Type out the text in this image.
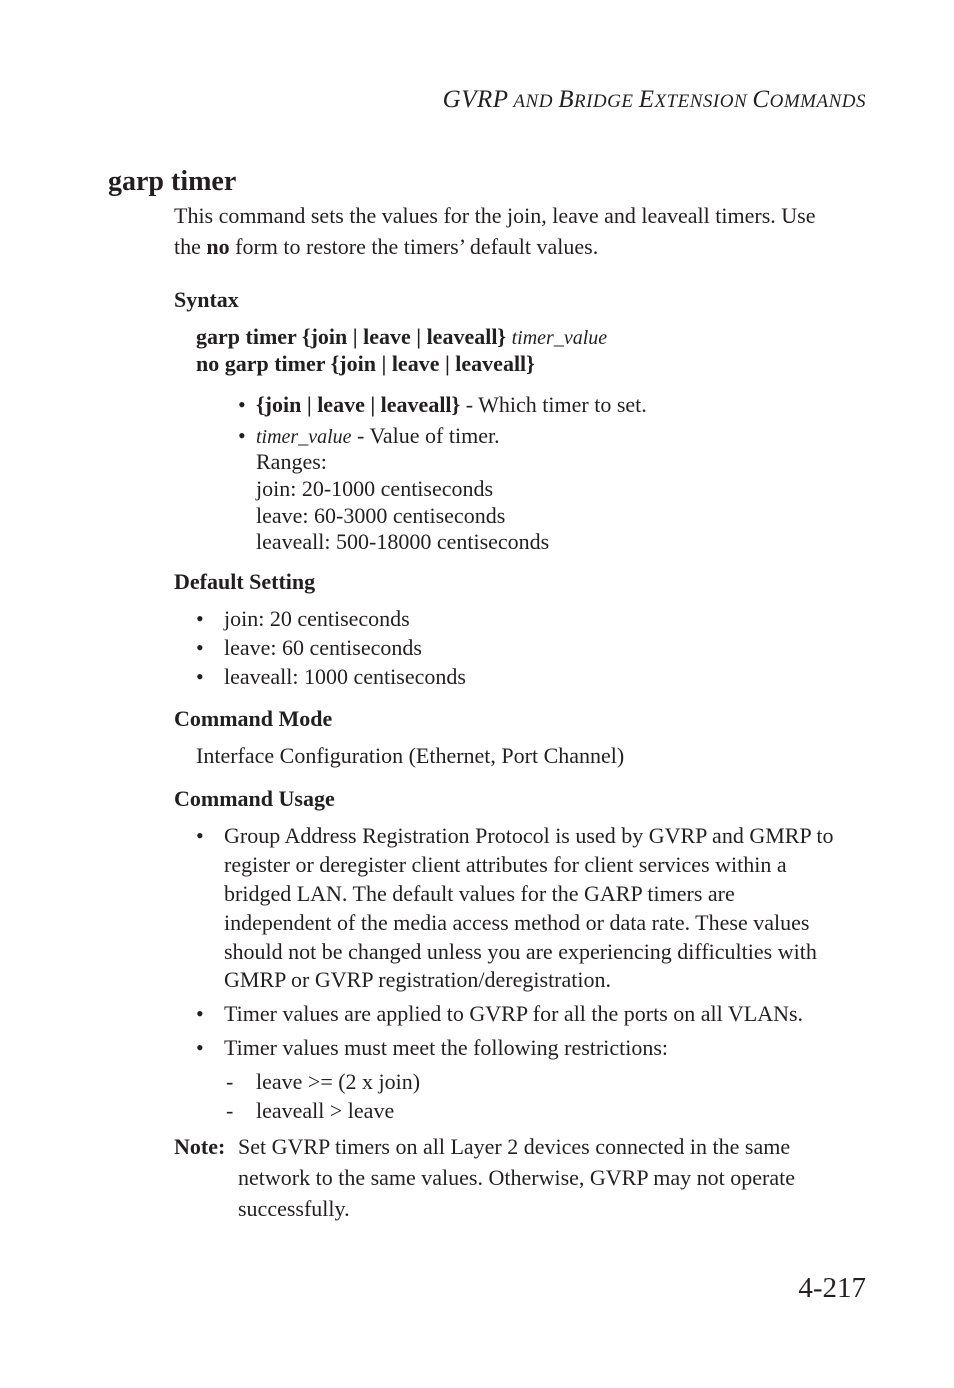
GVRP AND BRIDGE EXTENSION COMMANDS
garp timer
This command sets the values for the join, leave and leaveall timers. Use
the no form to restore the timers’ default values.
Syntax
garp timer {join | leave | leaveall} timer_value
no garp timer {join | leave | leaveall}
• {join | leave | leaveall} - Which timer to set.
• timer_value - Value of timer.
Ranges:
join: 20-1000 centiseconds
leave: 60-3000 centiseconds
leaveall: 500-18000 centiseconds
Default Setting
• join: 20 centiseconds
• leave: 60 centiseconds
• leaveall: 1000 centiseconds
Command Mode
Interface Configuration (Ethernet, Port Channel)
Command Usage
• Group Address Registration Protocol is used by GVRP and GMRP to
register or deregister client attributes for client services within a
bridged LAN. The default values for the GARP timers are
independent of the media access method or data rate. These values
should not be changed unless you are experiencing difficulties with
GMRP or GVRP registration/deregistration.
• Timer values are applied to GVRP for all the ports on all VLANs.
• Timer values must meet the following restrictions:
- leave >= (2 x join)
- leaveall > leave
Note: Set GVRP timers on all Layer 2 devices connected in the same
network to the same values. Otherwise, GVRP may not operate
successfully.
4-217
